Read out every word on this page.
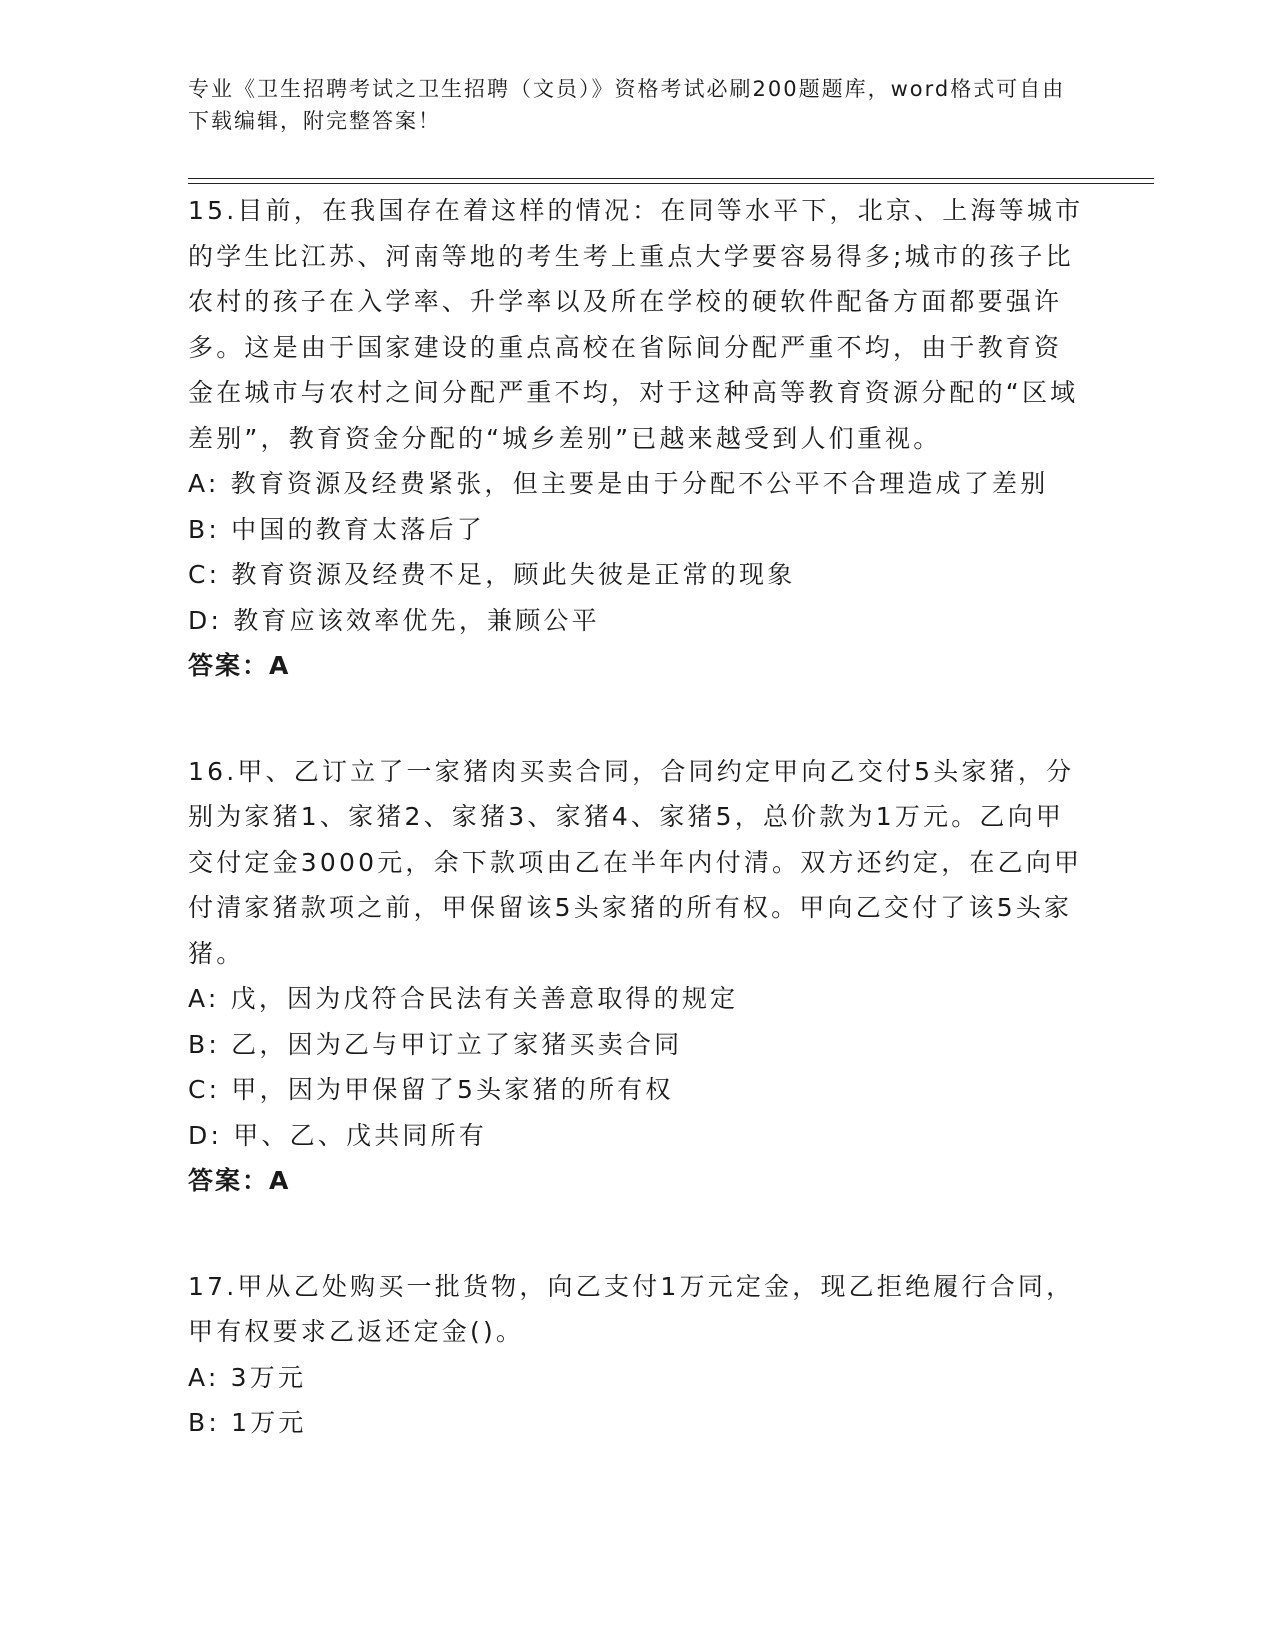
专业《卫生招聘考试之卫生招聘（文员）》资格考试必刷200题题库，word格式可自由下载编辑，附完整答案！

15.目前，在我国存在着这样的情况：在同等水平下，北京、上海等城市的学生比江苏、河南等地的考生考上重点大学要容易得多;城市的孩子比农村的孩子在入学率、升学率以及所在学校的硬软件配备方面都要强许多。这是由于国家建设的重点高校在省际间分配严重不均，由于教育资金在城市与农村之间分配严重不均，对于这种高等教育资源分配的“区域差别”，教育资金分配的“城乡差别”已越来越受到人们重视。

A: 教育资源及经费紧张，但主要是由于分配不公平不合理造成了差别

B: 中国的教育太落后了

C: 教育资源及经费不足，顾此失彼是正常的现象

D: 教育应该效率优先，兼顾公平

答案：A

16.甲、乙订立了一家猪肉买卖合同，合同约定甲向乙交付5头家猪，分别为家猪1、家猪2、家猪3、家猪4、家猪5，总价款为1万元。乙向甲交付定金3000元，余下款项由乙在半年内付清。双方还约定，在乙向甲付清家猪款项之前，甲保留该5头家猪的所有权。甲向乙交付了该5头家猪。

A: 戊，因为戊符合民法有关善意取得的规定

B: 乙，因为乙与甲订立了家猪买卖合同

C: 甲，因为甲保留了5头家猪的所有权

D: 甲、乙、戊共同所有

答案：A

17.甲从乙处购买一批货物，向乙支付1万元定金，现乙拒绝履行合同，甲有权要求乙返还定金()。

A: 3万元

B: 1万元
